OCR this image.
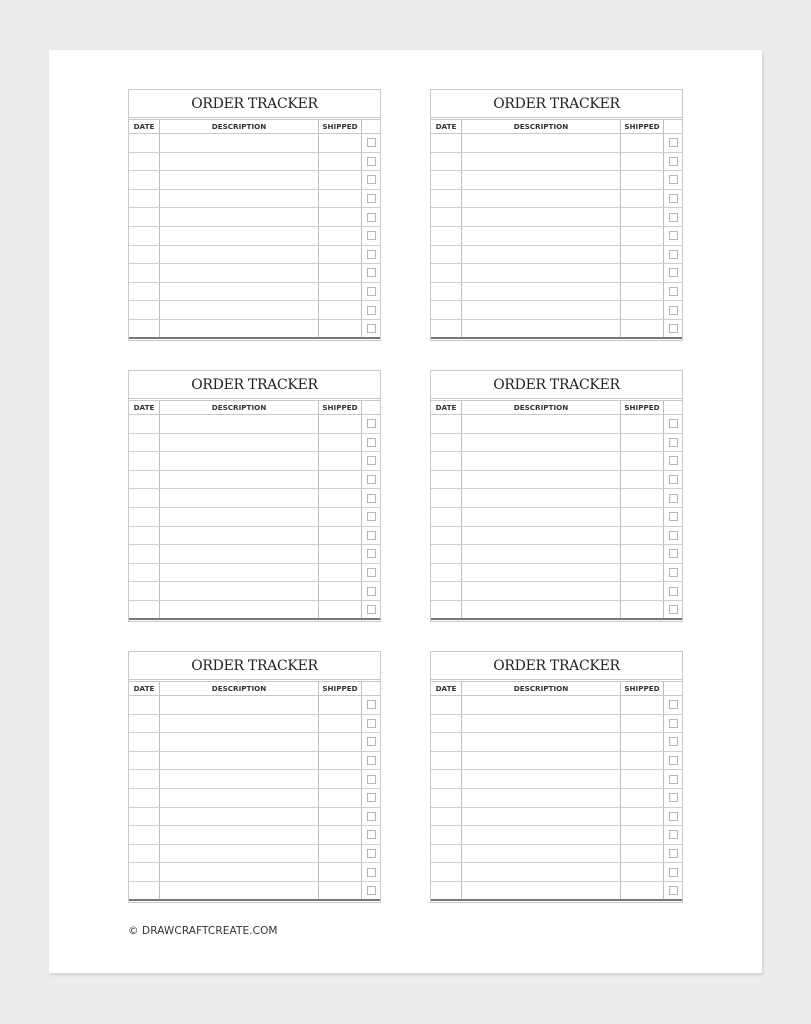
ORDER TRACKER
DATE	DESCRIPTION	SHIPPED
ORDER TRACKER
DATE	DESCRIPTION	SHIPPED
ORDER TRACKER
DATE	DESCRIPTION	SHIPPED
ORDER TRACKER
DATE	DESCRIPTION	SHIPPED
ORDER TRACKER
DATE	DESCRIPTION	SHIPPED
ORDER TRACKER
DATE	DESCRIPTION	SHIPPED
© DRAWCRAFTCREATE.COM
